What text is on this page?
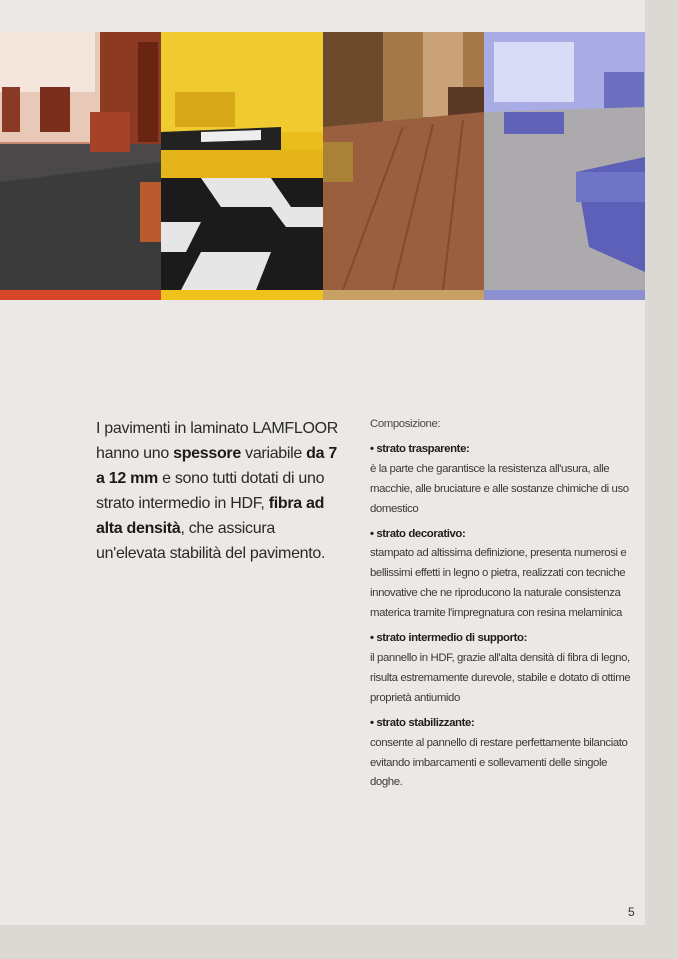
I pavimenti in laminato LAMFLOOR hanno uno spessore variabile da 7 a 12 mm e sono tutti dotati di uno strato intermedio in HDF, fibra ad alta densità, che assicura un'elevata stabilità del pavimento.
Composizione:
• strato trasparente:
è la parte che garantisce la resistenza all'usura, alle macchie, alle bruciature e alle sostanze chimiche di uso domestico
• strato decorativo:
stampato ad altissima definizione, presenta numerosi e bellissimi effetti in legno o pietra, realizzati con tecniche innovative che ne riproducono la naturale consistenza materica tramite l'impregnatura con resina melaminica
• strato intermedio di supporto:
il pannello in HDF, grazie all'alta densità di fibra di legno, risulta estremamente durevole, stabile e dotato di ottime proprietà antiumido
• strato stabilizzante:
consente al pannello di restare perfettamente bilanciato evitando imbarcamenti e sollevamenti delle singole doghe.
5
